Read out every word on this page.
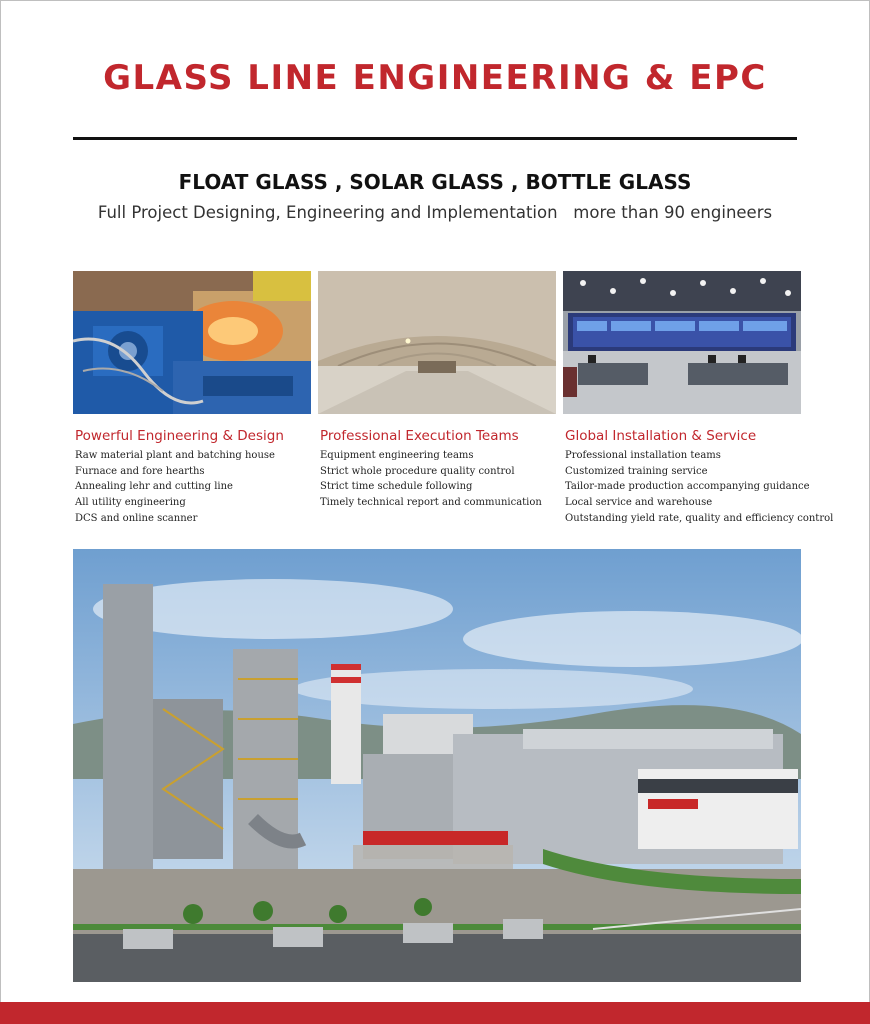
GLASS LINE ENGINEERING & EPC
FLOAT GLASS , SOLAR GLASS , BOTTLE GLASS
Full Project Designing, Engineering and Implementation   more than 90 engineers
Powerful Engineering & Design
Raw material plant and batching house
Furnace and fore hearths
Annealing lehr and cutting line
All utility engineering
DCS and online scanner
Professional Execution Teams
Equipment engineering teams
Strict whole procedure quality control
Strict time schedule following
Timely technical report and communication
Global Installation & Service
Professional installation teams
Customized training service
Tailor-made production accompanying guidance
Local service and warehouse
Outstanding yield rate, quality and efficiency control
